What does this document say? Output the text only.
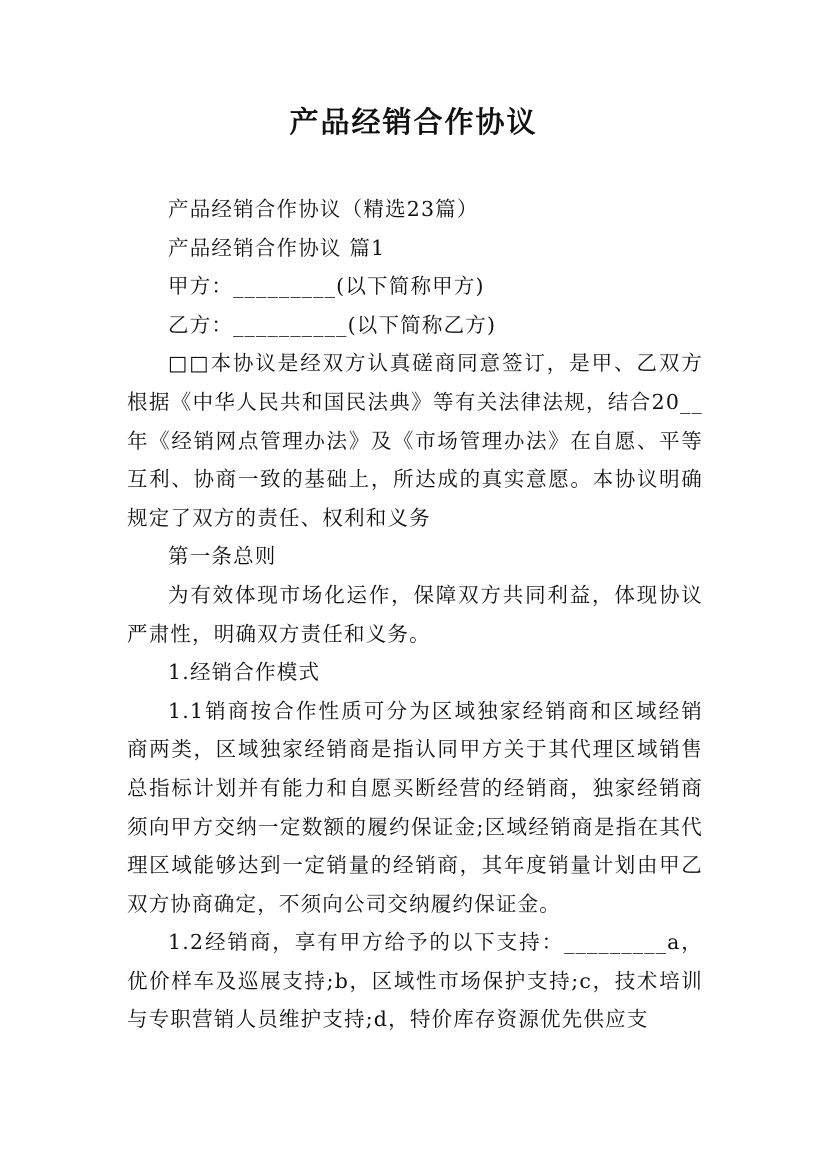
产品经销合作协议

产品经销合作协议（精选23篇）

产品经销合作协议 篇1

甲方：_________(以下简称甲方)

乙方：__________(以下简称乙方)

□□本协议是经双方认真磋商同意签订，是甲、乙双方根据《中华人民共和国民法典》等有关法律法规，结合20__年《经销网点管理办法》及《市场管理办法》在自愿、平等互利、协商一致的基础上，所达成的真实意愿。本协议明确规定了双方的责任、权利和义务

第一条总则

为有效体现市场化运作，保障双方共同利益，体现协议严肃性，明确双方责任和义务。

1.经销合作模式

1.1销商按合作性质可分为区域独家经销商和区域经销商两类，区域独家经销商是指认同甲方关于其代理区域销售总指标计划并有能力和自愿买断经营的经销商，独家经销商须向甲方交纳一定数额的履约保证金;区域经销商是指在其代理区域能够达到一定销量的经销商，其年度销量计划由甲乙双方协商确定，不须向公司交纳履约保证金。

1.2经销商，享有甲方给予的以下支持：_________a，优价样车及巡展支持;b，区域性市场保护支持;c，技术培训与专职营销人员维护支持;d，特价库存资源优先供应支
